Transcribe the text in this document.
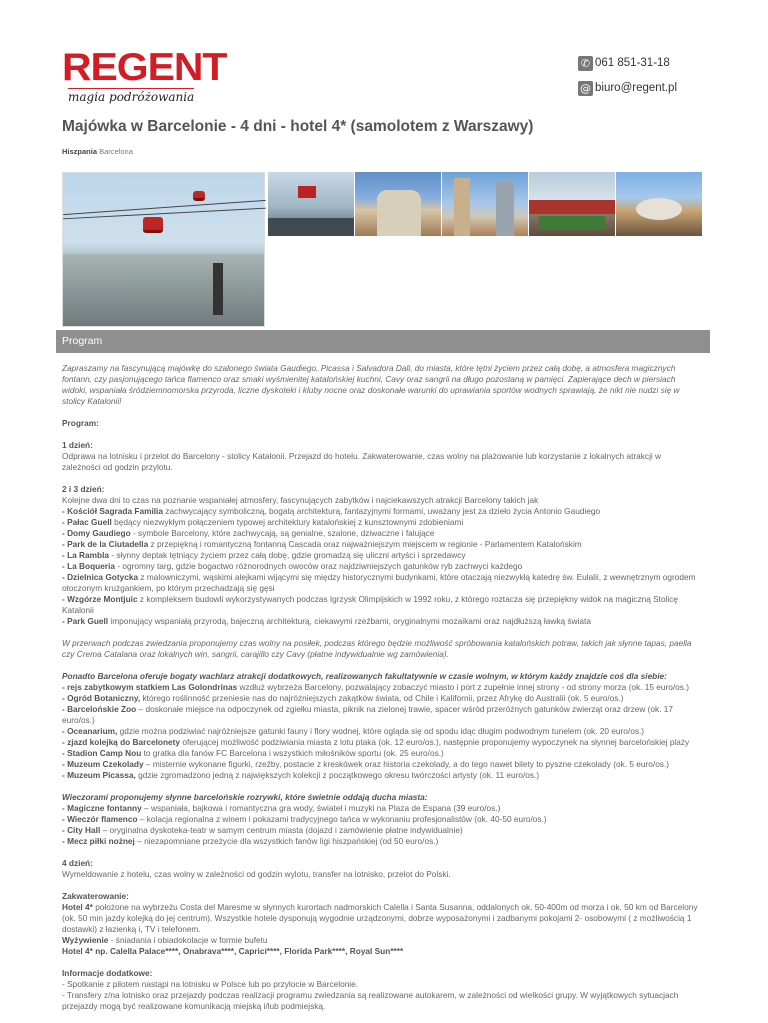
REGENT
magia podróżowania
✆ 061 851-31-18
@ biuro@regent.pl
Majówka w Barcelonie - 4 dni - hotel 4* (samolotem z Warszawy)
Hiszpania Barcelona
Program

Zapraszamy na fascynującą majówkę do szalonego świata Gaudiego, Picassa i Salvadora Dali, do miasta, które tętni życiem przez całą dobę, a atmosfera magicznych fontann, czy pasjonującego tańca flamenco oraz smaki wyśmienitej katalońskiej kuchni, Cavy oraz sangrii na długo pozostaną w pamięci. Zapierające dech w piersiach widoki, wspaniała śródziemnomorska przyroda, liczne dyskoteki i kluby nocne oraz doskonałe warunki do uprawiania sportów wodnych sprawiają, że nikt nie nudzi się w stolicy Katalonii!

Program:

1 dzień:
Odprawa na lotnisku i przelot do Barcelony - stolicy Katalonii. Przejazd do hotelu. Zakwaterowanie, czas wolny na plażowanie lub korzystanie z lokalnych atrakcji w zależności od godzin przylotu.

2 i 3 dzień:
Kolejne dwa dni to czas na poznanie wspaniałej atmosfery, fascynujących zabytków i najciekawszych atrakcji Barcelony takich jak
- Kościół Sagrada Familia zachwycający symboliczną, bogatą architekturą, fantazyjnymi formami, uważany jest za dzieło życia Antonio Gaudiego
- Pałac Guell będący niezwykłym połączeniem typowej architektury katalońskiej z kunsztownymi zdobieniami
- Domy Gaudiego - symbole Barcelony, które zachwycają, są genialne, szalone, dziwaczne i falujące
- Park de la Ciutadella z przepiękną i romantyczną fontanną Cascada oraz najważniejszym miejscem w regionie - Parlamentem Katalońskim
- La Rambla - słynny deptak tętniący życiem przez całą dobę, gdzie gromadzą się uliczni artyści i sprzedawcy
- La Boqueria - ogromny targ, gdzie bogactwo różnorodnych owoców oraz najdziwniejszych gatunków ryb zachwyci każdego
- Dzielnica Gotycka z malowniczymi, wąskimi alejkami wijącymi się między historycznymi budynkami, które otaczają niezwykłą katedrę św. Eulalii, z wewnętrznym ogrodem otoczonym krużgankiem, po którym przechadzają się gęsi
- Wzgórze Montjuic z kompleksem budowli wykorzystywanych podczas Igrzysk Olimpijskich w 1992 roku, z którego roztacza się przepiękny widok na magiczną Stolicę Katalonii
- Park Guell imponujący wspaniałą przyrodą, bajeczną architekturą, ciekawymi rzeźbami, oryginalnymi mozaikami oraz najdłuższą ławką świata

W przerwach podczas zwiedzania proponujemy czas wolny na posiłek, podczas którego będzie możliwość spróbowania katalońskich potraw, takich jak słynne tapas, paella czy Crema Catalana oraz lokalnych win, sangrii, carajillo czy Cavy (płatne indywidualnie wg zamówienia).

Ponadto Barcelona oferuje bogaty wachlarz atrakcji dodatkowych, realizowanych fakultatywnie w czasie wolnym, w którym każdy znajdzie coś dla siebie:
- rejs zabytkowym statkiem Las Golondrinas wzdłuż wybrzeża Barcelony, pozwalający zobaczyć miasto i port z zupełnie innej strony - od strony morza (ok. 15 euro/os.)
- Ogród Botaniczny, którego roślinność przeniesie nas do najróżniejszych zakątków świata, od Chile i Kalifornii, przez Afrykę do Australii (ok. 5 euro/os.)
- Barcelońskie Zoo – doskonałe miejsce na odpoczynek od zgiełku miasta, piknik na zielonej trawie, spacer wśród przeróżnych gatunków zwierząt oraz drzew (ok. 17 euro/os.)
- Oceanarium, gdzie można podziwiać najróżniejsze gatunki fauny i flory wodnej, które ogląda się od spodu idąc długim podwodnym tunelem (ok. 20 euro/os.)
- zjazd kolejką do Barcelonety oferującej możliwość podziwiania miasta z lotu ptaka (ok. 12 euro/os.), następnie proponujemy wypoczynek na słynnej barcelońskiej plaży
- Stadion Camp Nou to gratka dla fanów FC Barcelona i wszystkich miłośników sportu (ok. 25 euro/os.)
- Muzeum Czekolady – misternie wykonane figurki, rzeźby, postacie z kreskówek oraz historia czekolady, a do tego nawet bilety to pyszne czekolady (ok. 5 euro/os.)
- Muzeum Picassa, gdzie zgromadzono jedną z największych kolekcji z początkowego okresu twórczości artysty (ok. 11 euro/os.)

Wieczorami proponujemy słynne barcelońskie rozrywki, które świetnie oddają ducha miasta:
- Magiczne fontanny – wspaniała, bajkowa i romantyczna gra wody, świateł i muzyki na Plaza de Espana (39 euro/os.)
- Wieczór flamenco – kolacja regionalna z winem i pokazami tradycyjnego tańca w wykonaniu profesjonalistów (ok. 40-50 euro/os.)
- City Hall – oryginalna dyskoteka-teatr w samym centrum miasta (dojazd i zamówienie płatne indywidualnie)
- Mecz piłki nożnej – niezapomniane przeżycie dla wszystkich fanów ligi hiszpańskiej (od 50 euro/os.)

4 dzień:
Wymeldowanie z hotelu, czas wolny w zależności od godzin wylotu, transfer na lotnisko, przelot do Polski.

Zakwaterowanie:
Hotel 4* położone na wybrzeżu Costa del Maresme w słynnych kurortach nadmorskich Calella i Santa Susanna, oddalonych ok. 50-400m od morza i ok. 50 km od Barcelony (ok. 50 min jazdy kolejką do jej centrum). Wszystkie hotele dysponują wygodnie urządzonymi, dobrze wyposażonymi i zadbanymi pokojami 2- osobowymi ( z możliwością 1 dostawki) z łazienką i, TV i telefonem.
Wyżywienie - śniadania i obiadokolacje w formie bufetu
Hotel 4* np. Calella Palace****, Onabrava****, Caprici****, Florida Park****, Royal Sun****

Informacje dodatkowe:
- Spotkanie z pilotem nastąpi na lotnisku w Polsce lub po przylocie w Barcelonie.
- Transfery z/na lotnisko oraz przejazdy podczas realizacji programu zwiedzania są realizowane autokarem, w zależności od wielkości grupy. W wyjątkowych sytuacjach przejazdy mogą być realizowane komunikacją miejską i/lub podmiejską.
